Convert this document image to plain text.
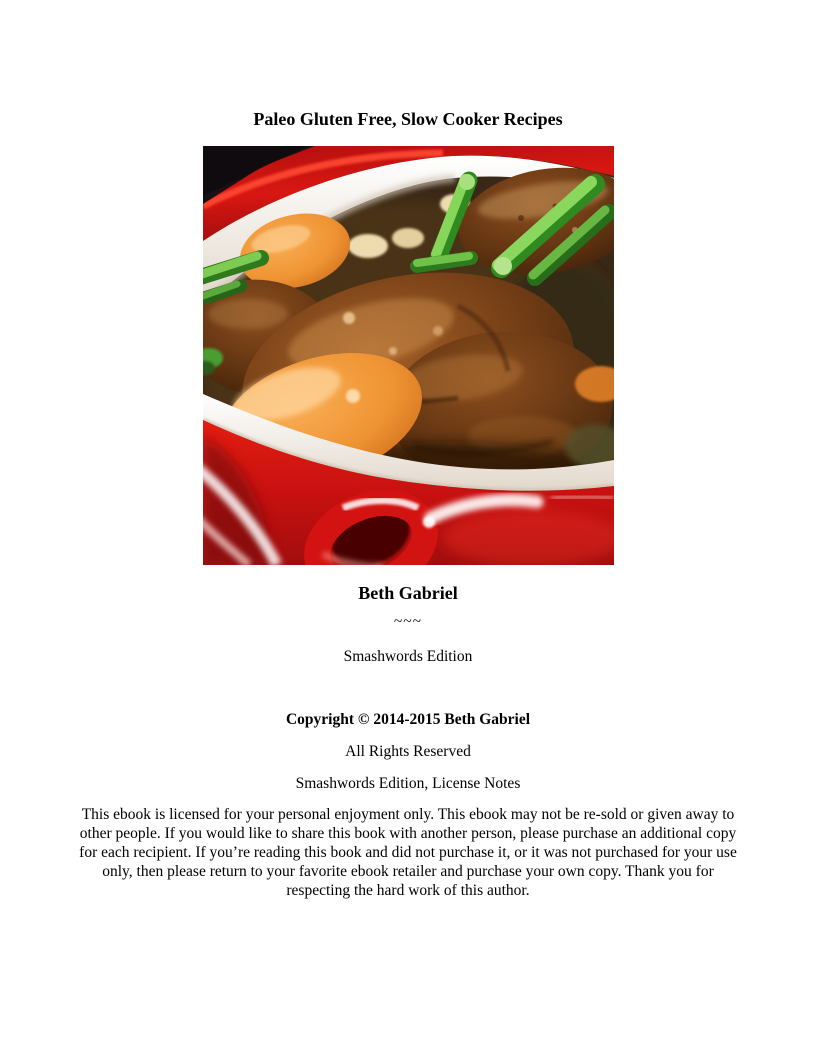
Paleo Gluten Free, Slow Cooker Recipes

Beth Gabriel

~~~

Smashwords Edition

Copyright © 2014-2015 Beth Gabriel

All Rights Reserved

Smashwords Edition, License Notes

This ebook is licensed for your personal enjoyment only. This ebook may not be re-sold or given away to other people. If you would like to share this book with another person, please purchase an additional copy for each recipient. If you’re reading this book and did not purchase it, or it was not purchased for your use only, then please return to your favorite ebook retailer and purchase your own copy. Thank you for respecting the hard work of this author.
